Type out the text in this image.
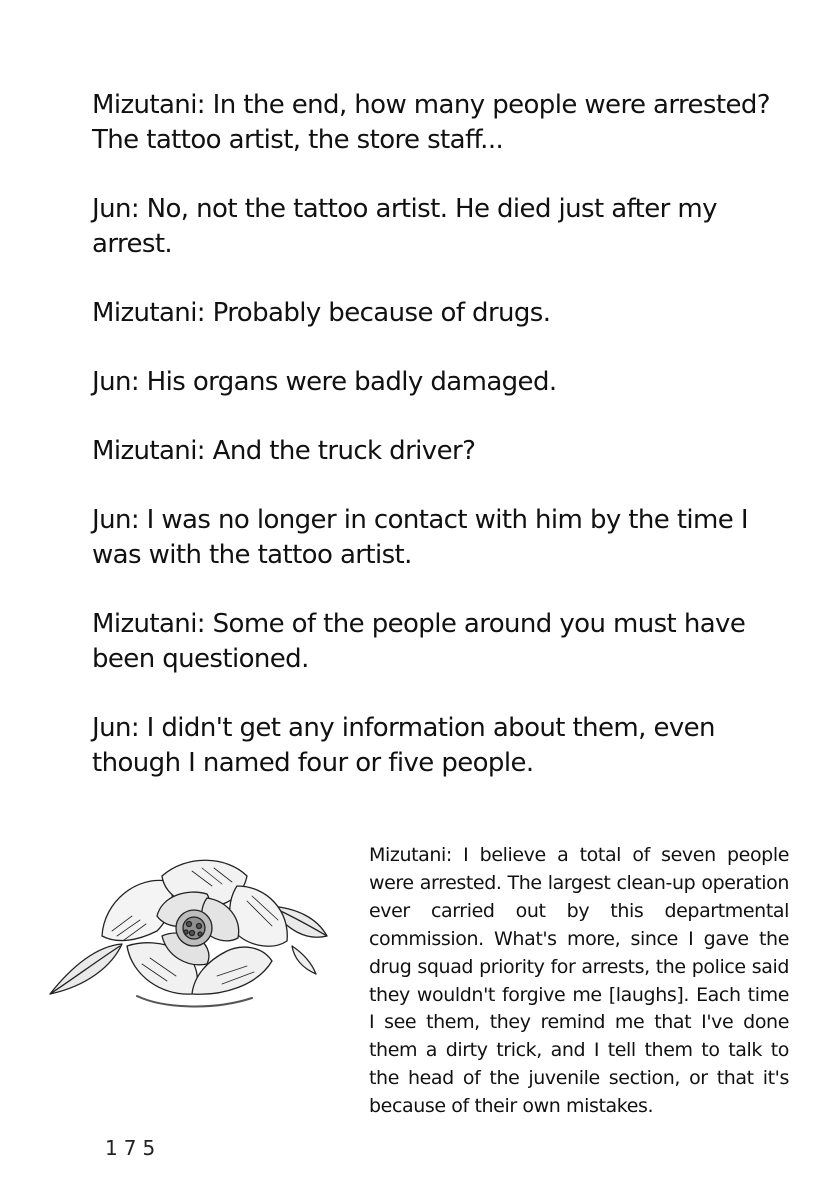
Mizutani: In the end, how many people were arrested? The tattoo artist, the store staff...

Jun: No, not the tattoo artist. He died just after my arrest.

Mizutani: Probably because of drugs.

Jun: His organs were badly damaged.

Mizutani: And the truck driver?

Jun: I was no longer in contact with him by the time I was with the tattoo artist.

Mizutani: Some of the people around you must have been questioned.

Jun: I didn't get any information about them, even though I named four or five people.

Mizutani: I believe a total of seven people were arrested. The largest clean-up operation ever carried out by this departmental commission. What's more, since I gave the drug squad priority for arrests, the police said they wouldn't forgive me [laughs]. Each time I see them, they remind me that I've done them a dirty trick, and I tell them to talk to the head of the juvenile section, or that it's because of their own mistakes.

175
